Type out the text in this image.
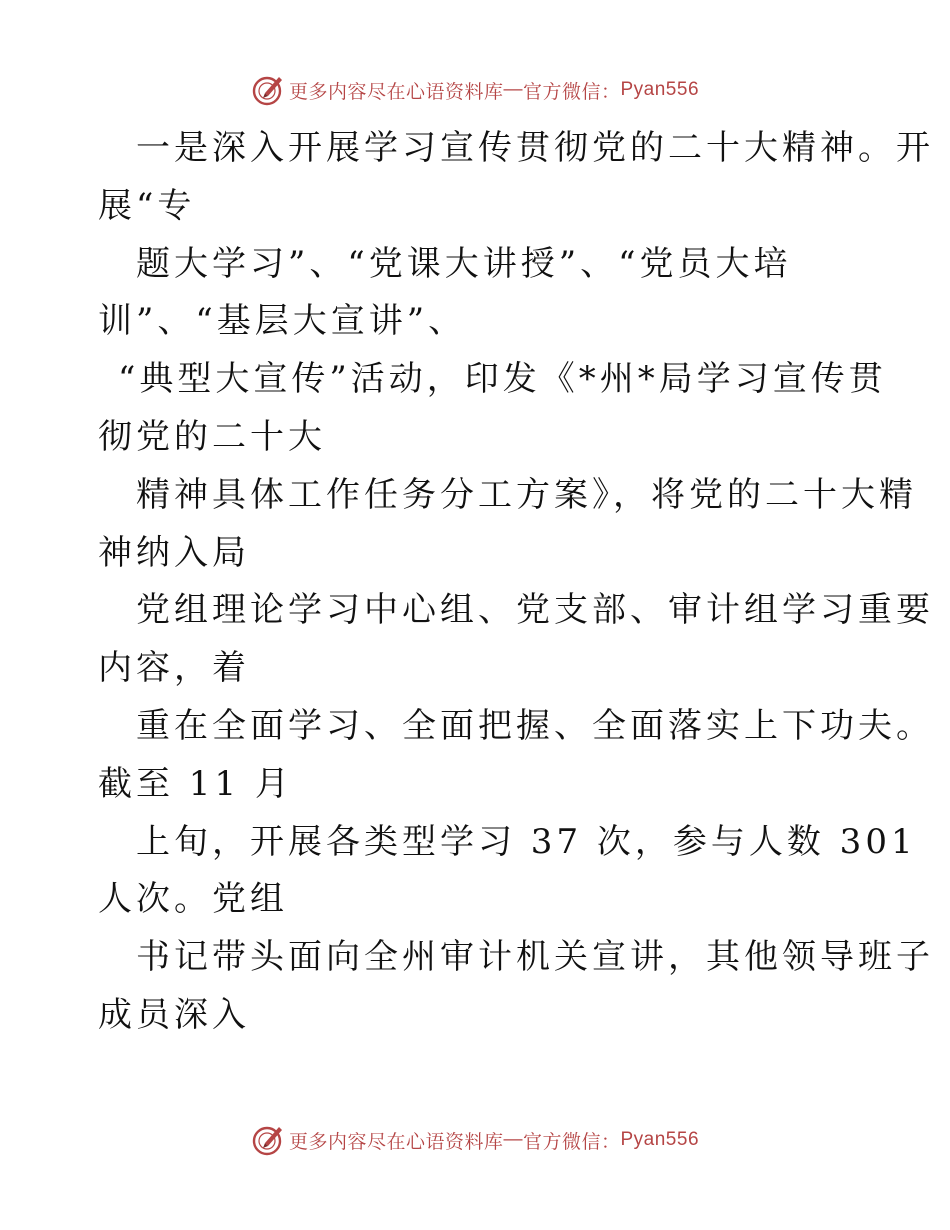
更多内容尽在心语资料库 — 官方微信： Pyan556
一是深入开展学习宣传贯彻党的二十大精神。开
展“专
题大学习”、“党课大讲授”、“党员大培
训”、“基层大宣讲”、
“典型大宣传”活动，印发《*州*局学习宣传贯
彻党的二十大
精神具体工作任务分工方案》，将党的二十大精
神纳入局
党组理论学习中心组、党支部、审计组学习重要
内容，着
重在全面学习、全面把握、全面落实上下功夫。
截至 11 月
上旬，开展各类型学习 37 次，参与人数 301
人次。党组
书记带头面向全州审计机关宣讲，其他领导班子
成员深入
更多内容尽在心语资料库 — 官方微信： Pyan556
